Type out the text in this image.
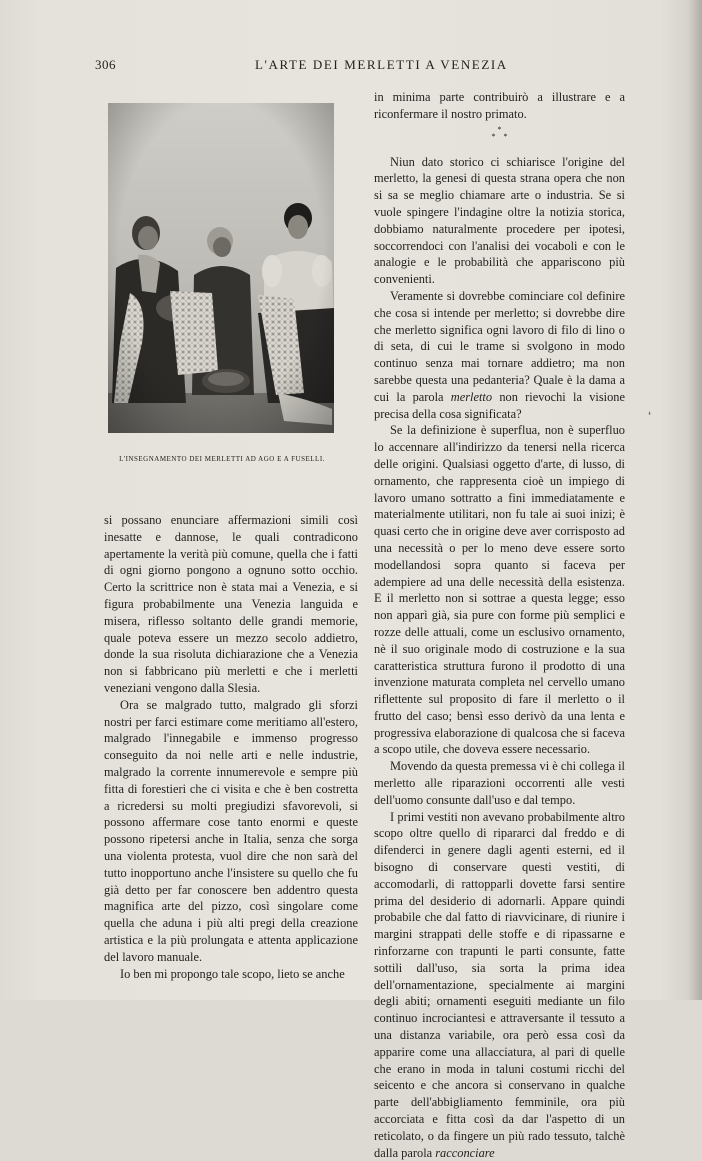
306	L'ARTE DEI MERLETTI A VENEZIA
L'INSEGNAMENTO DEI MERLETTI AD AGO E A FUSELLI.

si possano enunciare affermazioni simili così inesatte e dannose, le quali contradicono apertamente la verità più comune, quella che i fatti di ogni giorno pongono a ognuno sotto occhio. Certo la scrittrice non è stata mai a Venezia, e si figura probabilmente una Venezia languida e misera, riflesso soltanto delle grandi memorie, quale poteva essere un mezzo secolo addietro, donde la sua risoluta dichiarazione che a Venezia non si fabbricano più merletti e che i merletti veneziani vengono dalla Slesia.

Ora se malgrado tutto, malgrado gli sforzi nostri per farci estimare come meritiamo all'estero, malgrado l'innegabile e immenso progresso conseguito da noi nelle arti e nelle industrie, malgrado la corrente innumerevole e sempre più fitta di forestieri che ci visita e che è ben costretta a ricredersi su molti pregiudizi sfavorevoli, si possono affermare cose tanto enormi e queste possono ripetersi anche in Italia, senza che sorga una violenta protesta, vuol dire che non sarà del tutto inopportuno anche l'insistere su quello che fu già detto per far conoscere ben addentro questa magnifica arte del pizzo, così singolare come quella che aduna i più alti pregi della creazione artistica e la più prolungata e attenta applicazione del lavoro manuale.

Io ben mi propongo tale scopo, lieto se anche

in minima parte contribuirò a illustrare e a riconfermare il nostro primato.

*
**

Niun dato storico ci schiarisce l'origine del merletto, la genesi di questa strana opera che non si sa se meglio chiamare arte o industria. Se si vuole spingere l'indagine oltre la notizia storica, dobbiamo naturalmente procedere per ipotesi, soccorrendoci con l'analisi dei vocaboli e con le analogie e le probabilità che appariscono più convenienti.

Veramente si dovrebbe cominciare col definire che cosa si intende per merletto; si dovrebbe dire che merletto significa ogni lavoro di filo di lino o di seta, di cui le trame si svolgono in modo continuo senza mai tornare addietro; ma non sarebbe questa una pedanteria? Quale è la dama a cui la parola merletto non rievochi la visione precisa della cosa significata?

Se la definizione è superflua, non è superfluo lo accennare all'indirizzo da tenersi nella ricerca delle origini. Qualsiasi oggetto d'arte, di lusso, di ornamento, che rappresenta cioè un impiego di lavoro umano sottratto a fini immediatamente e materialmente utilitari, non fu tale ai suoi inizi; è quasi certo che in origine deve aver corrisposto ad una necessità o per lo meno deve essere sorto modellandosi sopra quanto si faceva per adempiere ad una delle necessità della esistenza. E il merletto non si sottrae a questa legge; esso non apparì già, sia pure con forme più semplici e rozze delle attuali, come un esclusivo ornamento, nè il suo originale modo di costruzione e la sua caratteristica struttura furono il prodotto di una invenzione maturata completa nel cervello umano riflettente sul proposito di fare il merletto o il frutto del caso; bensì esso derivò da una lenta e progressiva elaborazione di qualcosa che si faceva a scopo utile, che doveva essere necessario.

Movendo da questa premessa vi è chi collega il merletto alle riparazioni occorrenti alle vesti dell'uomo consunte dall'uso e dal tempo.

I primi vestiti non avevano probabilmente altro scopo oltre quello di ripararci dal freddo e di difenderci in genere dagli agenti esterni, ed il bisogno di conservare questi vestiti, di accomodarli, di rattopparli dovette farsi sentire prima del desiderio di adornarli. Appare quindi probabile che dal fatto di riavvicinare, di riunire i margini strappati delle stoffe e di ripassarne e rinforzarne con trapunti le parti consunte, fatte sottili dall'uso, sia sorta la prima idea dell'ornamentazione, specialmente ai margini degli abiti; ornamenti eseguiti mediante un filo continuo incrociantesi e attraversante il tessuto a una distanza variabile, ora però essa così da apparire come una allacciatura, al pari di quelle che erano in moda in taluni costumi ricchi del seicento e che ancora si conservano in qualche parte dell'abbigliamento femminile, ora più accorciata e fitta così da dar l'aspetto di un reticolato, o da fingere un più rado tessuto, talchè dalla parola racconciare

❛
